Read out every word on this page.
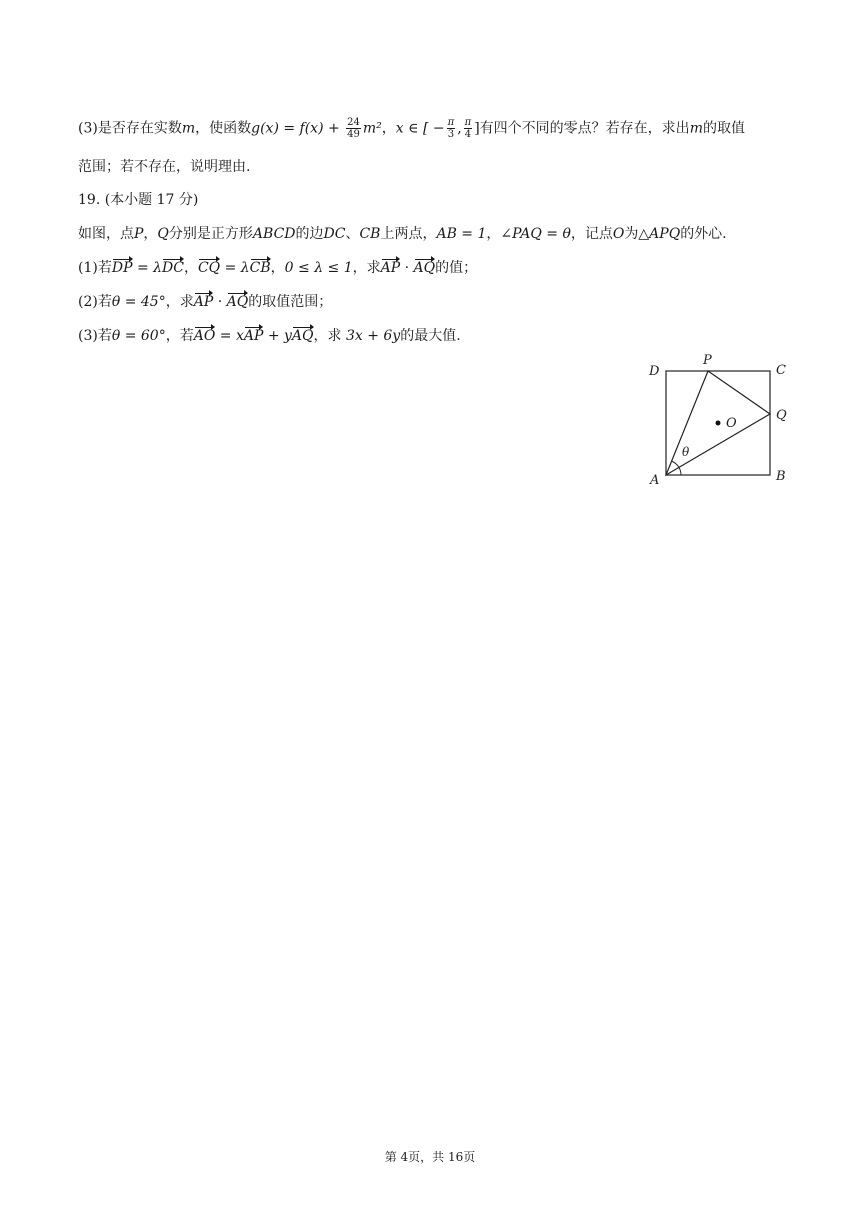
(3)是否存在实数m，使函数$g(x) = f(x) + \frac{24}{49} m^2$，x ∈ [ − $\frac{\pi}{3}$ , $\frac{\pi}{4}$ ]有四个不同的零点？若存在，求出m的取值
范围；若不存在，说明理由.
19. (本小题 17 分)
如图，点P，Q分别是正方形ABCD的边DC、CB上两点，AB = 1，∠PAQ = θ，记点O为△APQ的外心.
(1)若DP = λDC，CQ = λCB，0 ≤ λ ≤ 1，求AP · AQ的值；
(2)若θ = 45°，求AP · AQ的取值范围；
(3)若θ = 60°，若AO = xAP + yAQ，求 3x + 6y的最大值.
D
P
C
O
Q
θ
A	B
第 4页，共 16页
